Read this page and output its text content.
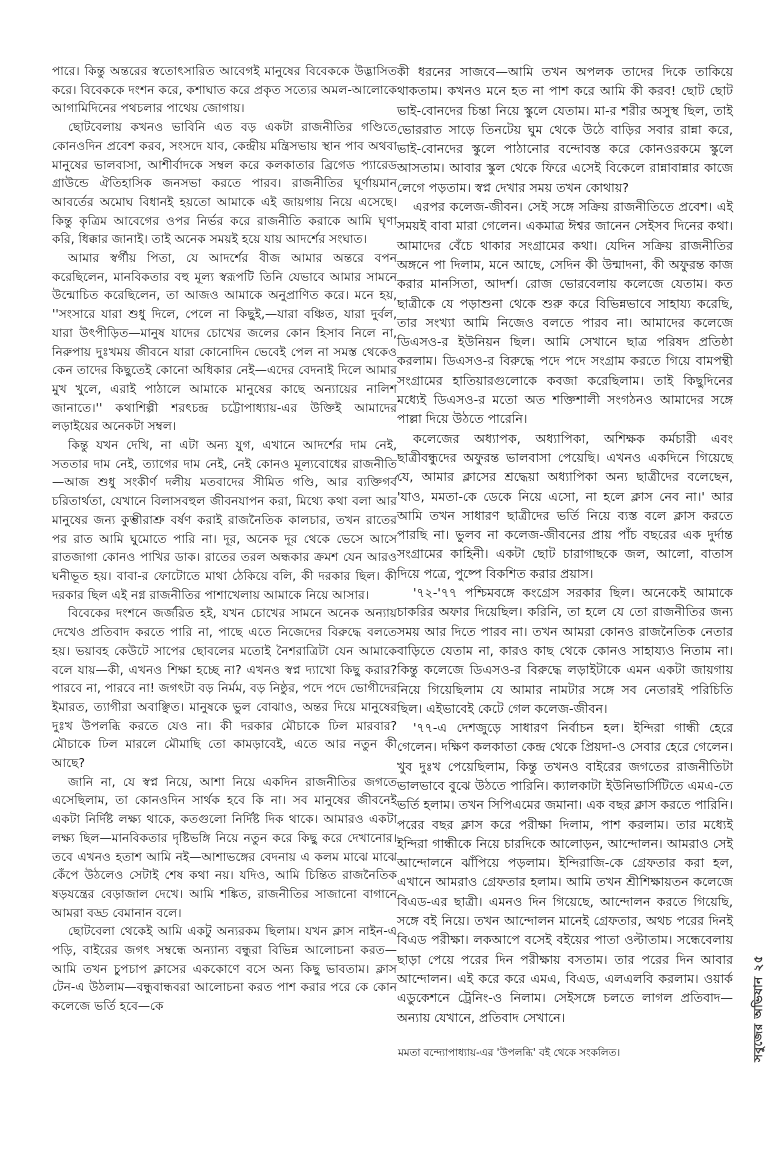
পারে। কিন্তু অন্তরের স্বতোৎসারিত আবেগই মানুষের বিবেককে উদ্ভাসিত করে। বিবেককে দংশন করে, কশাঘাত করে প্রকৃত সত্যের অমল-আলোকে আগামিদিনের পথচলার পাথেয় জোগায়।

ছোটবেলায় কখনও ভাবিনি এত বড় একটা রাজনীতির গণ্ডিতে কোনওদিন প্রবেশ করব, সংসদে যাব, কেন্দ্রীয় মন্ত্রিসভায় স্থান পাব অথবা মানুষের ভালবাসা, আশীর্বাদকে সম্বল করে কলকাতার ব্রিগেড প্যারেড গ্রাউন্ডে ঐতিহাসিক জনসভা করতে পারব। রাজনীতির ঘূর্ণায়মান আবর্তের অমোঘ বিধানই হয়তো আমাকে এই জায়গায় নিয়ে এসেছে। কিন্তু কৃত্রিম আবেগের ওপর নির্ভর করে রাজনীতি করাকে আমি ঘৃণা করি, ধিক্কার জানাই। তাই অনেক সময়ই হয়ে যায় আদর্শের সংঘাত।

আমার স্বর্গীয় পিতা, যে আদর্শের বীজ আমার অন্তরে বপন করেছিলেন, মানবিকতার বহু মূল্য স্বরূপটি তিনি যেভাবে আমার সামনে উন্মোচিত করেছিলেন, তা আজও আমাকে অনুপ্রাণিত করে। মনে হয়, ''সংসারে যারা শুধু দিলে, পেলে না কিছুই,—যারা বঞ্চিত, যারা দুর্বল, যারা উৎপীড়িত—মানুষ যাদের চোখের জলের কোন হিসাব নিলে না, নিরুপায় দুঃখময় জীবনে যারা কোনোদিন ভেবেই পেল না সমস্ত থেকেও কেন তাদের কিছুতেই কোনো অধিকার নেই—এদের বেদনাই দিলে আমার মুখ খুলে, এরাই পাঠালে আমাকে মানুষের কাছে অন্যায়ের নালিশ জানাতে।'' কথাশিল্পী শরৎচন্দ্র চট্টোপাধ্যায়-এর উক্তিই আমাদের লড়াইয়ের অনেকটা সম্বল।

কিন্তু যখন দেখি, না এটা অন্য যুগ, এখানে আদর্শের দাম নেই, সততার দাম নেই, ত্যাগের দাম নেই, নেই কোনও মূল্যবোধের রাজনীতি—আজ শুধু সংকীর্ণ দলীয় মতবাদের সীমিত গণ্ডি, আর ব্যক্তিগর্ব চরিতার্থতা, যেখানে বিলাসবহুল জীবনযাপন করা, মিথ্যে কথা বলা আর মানুষের জন্য কুম্ভীরাশ্রু বর্ষণ করাই রাজনৈতিক কালচার, তখন রাতের পর রাত আমি ঘুমোতে পারি না। দূর, অনেক দূর থেকে ভেসে আসে রাতজাগা কোনও পাখির ডাক। রাতের তরল অন্ধকার ক্রমশ যেন আরও ঘনীভূত হয়। বাবা-র ফোটোতে মাথা ঠেকিয়ে বলি, কী দরকার ছিল। কী দরকার ছিল এই নগ্ন রাজনীতির পাশাখেলায় আমাকে নিয়ে আসার।

বিবেকের দংশনে জর্জরিত হই, যখন চোখের সামনে অনেক অন্যায় দেখেও প্রতিবাদ করতে পারি না, পাছে এতে নিজেদের বিরুদ্ধে বলতে হয়। ভয়াবহ কেউটে সাপের ছোবলের মতোই নৈশরাত্রিটা যেন আমাকে বলে যায়—কী, এখনও শিক্ষা হচ্ছে না? এখনও স্বপ্ন দ্যাখো কিছু করার? পারবে না, পারবে না! জগৎটা বড় নির্মম, বড় নিষ্ঠুর, পদে পদে ভোগীদের ইমারত, ত্যাগীরা অবাঞ্ছিত। মানুষকে ভুল বোঝাও, অন্তর দিয়ে মানুষের দুঃখ উপলব্ধি করতে যেও না। কী দরকার মৌচাকে ঢিল মারবার? মৌচাকে ঢিল মারলে মৌমাছি তো কামড়াবেই, এতে আর নতুন কী আছে?

জানি না, যে স্বপ্ন নিয়ে, আশা নিয়ে একদিন রাজনীতির জগতে এসেছিলাম, তা কোনওদিন সার্থক হবে কি না। সব মানুষের জীবনেই একটা নির্দিষ্ট লক্ষ্য থাকে, কতগুলো নির্দিষ্ট দিক থাকে। আমারও একটা লক্ষ্য ছিল—মানবিকতার দৃষ্টিভঙ্গি নিয়ে নতুন করে কিছু করে দেখানোর। তবে এখনও হতাশ আমি নই—আশাভঙ্গের বেদনায় এ কলম মাঝে মাঝে কেঁপে উঠলেও সেটাই শেষ কথা নয়। যদিও, আমি চিন্তিত রাজনৈতিক ষড়যন্ত্রের বেড়াজাল দেখে। আমি শঙ্কিত, রাজনীতির সাজানো বাগানে আমরা বড্ড বেমানান বলে।

ছোটবেলা থেকেই আমি একটু অন্যরকম ছিলাম। যখন ক্লাস নাইন-এ পড়ি, বাইরের জগৎ সম্বন্ধে অন্যান্য বন্ধুরা বিভিন্ন আলোচনা করত—আমি তখন চুপচাপ ক্লাসের এককোণে বসে অন্য কিছু ভাবতাম। ক্লাস টেন-এ উঠলাম—বন্ধুবান্ধবরা আলোচনা করত পাশ করার পরে কে কোন কলেজে ভর্তি হবে—কে

কী ধরনের সাজবে—আমি তখন অপলক তাদের দিকে তাকিয়ে থাকতাম। কখনও মনে হত না পাশ করে আমি কী করব! ছোট ছোট ভাই-বোনদের চিন্তা নিয়ে স্কুলে যেতাম। মা-র শরীর অসুস্থ ছিল, তাই ভোররাত সাড়ে তিনটেয় ঘুম থেকে উঠে বাড়ির সবার রান্না করে, ভাই-বোনদের স্কুলে পাঠানোর বন্দোবস্ত করে কোনওরকমে স্কুলে আসতাম। আবার স্কুল থেকে ফিরে এসেই বিকেলে রান্নাবান্নার কাজে লেগে পড়তাম। স্বপ্ন দেখার সময় তখন কোথায়?

এরপর কলেজ-জীবন। সেই সঙ্গে সক্রিয় রাজনীতিতে প্রবেশ। এই সময়ই বাবা মারা গেলেন। একমাত্র ঈশ্বর জানেন সেইসব দিনের কথা। আমাদের বেঁচে থাকার সংগ্রামের কথা। যেদিন সক্রিয় রাজনীতির অঙ্গনে পা দিলাম, মনে আছে, সেদিন কী উন্মাদনা, কী অফুরন্ত কাজ করার মানসিতা, আদর্শ। রোজ ভোরবেলায় কলেজে যেতাম। কত ছাত্রীকে যে পড়াশুনা থেকে শুরু করে বিভিন্নভাবে সাহায্য করেছি, তার সংখ্যা আমি নিজেও বলতে পারব না। আমাদের কলেজে ডিএসও-র ইউনিয়ন ছিল। আমি সেখানে ছাত্র পরিষদ প্রতিষ্ঠা করলাম। ডিএসও-র বিরুদ্ধে পদে পদে সংগ্রাম করতে গিয়ে বামপন্থী সংগ্রামের হাতিয়ারগুলোকে কবজা করেছিলাম। তাই কিছুদিনের মধ্যেই ডিএসও-র মতো অত শক্তিশালী সংগঠনও আমাদের সঙ্গে পাল্লা দিয়ে উঠতে পারেনি।

কলেজের অধ্যাপক, অধ্যাপিকা, অশিক্ষক কর্মচারী এবং ছাত্রীবন্ধুদের অফুরন্ত ভালবাসা পেয়েছি। এখনও একদিনে গিয়েছে যে, আমার ক্লাসের শ্রদ্ধেয়া অধ্যাপিকা অন্য ছাত্রীদের বলেছেন, 'যাও, মমতা-কে ডেকে নিয়ে এসো, না হলে ক্লাস নেব না।' আর আমি তখন সাধারণ ছাত্রীদের ভর্তি নিয়ে ব্যস্ত বলে ক্লাস করতে পারছি না। ভুলব না কলেজ-জীবনের প্রায় পাঁচ বছরের এক দুর্দান্ত সংগ্রামের কাহিনী। একটা ছোট চারাগাছকে জল, আলো, বাতাস দিয়ে পত্রে, পুষ্পে বিকশিত করার প্রয়াস।

'৭২-'৭৭ পশ্চিমবঙ্গে কংগ্রেস সরকার ছিল। অনেকেই আমাকে চাকরির অফার দিয়েছিল। করিনি, তা হলে যে তো রাজনীতির জন্য সময় আর দিতে পারব না। তখন আমরা কোনও রাজনৈতিক নেতার বাড়িতে যেতাম না, কারও কাছ থেকে কোনও সাহায্যও নিতাম না। কিন্তু কলেজে ডিএসও-র বিরুদ্ধে লড়াইটাকে এমন একটা জায়গায় নিয়ে গিয়েছিলাম যে আমার নামটার সঙ্গে সব নেতারই পরিচিতি ছিল। এইভাবেই কেটে গেল কলেজ-জীবন।

'৭৭-এ দেশজুড়ে সাধারণ নির্বাচন হল। ইন্দিরা গান্ধী হেরে গেলেন। দক্ষিণ কলকাতা কেন্দ্র থেকে প্রিয়দা-ও সেবার হেরে গেলেন। খুব দুঃখ পেয়েছিলাম, কিন্তু তখনও বাইরের জগতের রাজনীতিটা ভালভাবে বুঝে উঠতে পারিনি। ক্যালকাটা ইউনিভার্সিটিতে এমএ-তে ভর্তি হলাম। তখন সিপিএমের জমানা। এক বছর ক্লাস করতে পারিনি। পরের বছর ক্লাস করে পরীক্ষা দিলাম, পাশ করলাম। তার মধ্যেই ইন্দিরা গান্ধীকে নিয়ে চারদিকে আলোড়ন, আন্দোলন। আমরাও সেই আন্দোলনে ঝাঁপিয়ে পড়লাম। ইন্দিরাজি-কে গ্রেফতার করা হল, এখানে আমরাও গ্রেফতার হলাম। আমি তখন শ্রীশিক্ষায়তন কলেজে বিএড-এর ছাত্রী। এমনও দিন গিয়েছে, আন্দোলন করতে গিয়েছি, সঙ্গে বই নিয়ে। তখন আন্দোলন মানেই গ্রেফতার, অথচ পরের দিনই বিএড পরীক্ষা। লকআপে বসেই বইয়ের পাতা ওল্টাতাম। সন্ধেবেলায় ছাড়া পেয়ে পরের দিন পরীক্ষায় বসতাম। তার পরের দিন আবার আন্দোলন। এই করে করে এমএ, বিএড, এলএলবি করলাম। ওয়ার্ক এডুকেশনে ট্রেনিং-ও নিলাম। সেইসঙ্গে চলতে লাগল প্রতিবাদ—অন্যায় যেখানে, প্রতিবাদ সেখানে।

মমতা বন্দ্যোপাধ্যায়-এর 'উপলব্ধি' বই থেকে সংকলিত।	সবুজের অভিযান ২৫
